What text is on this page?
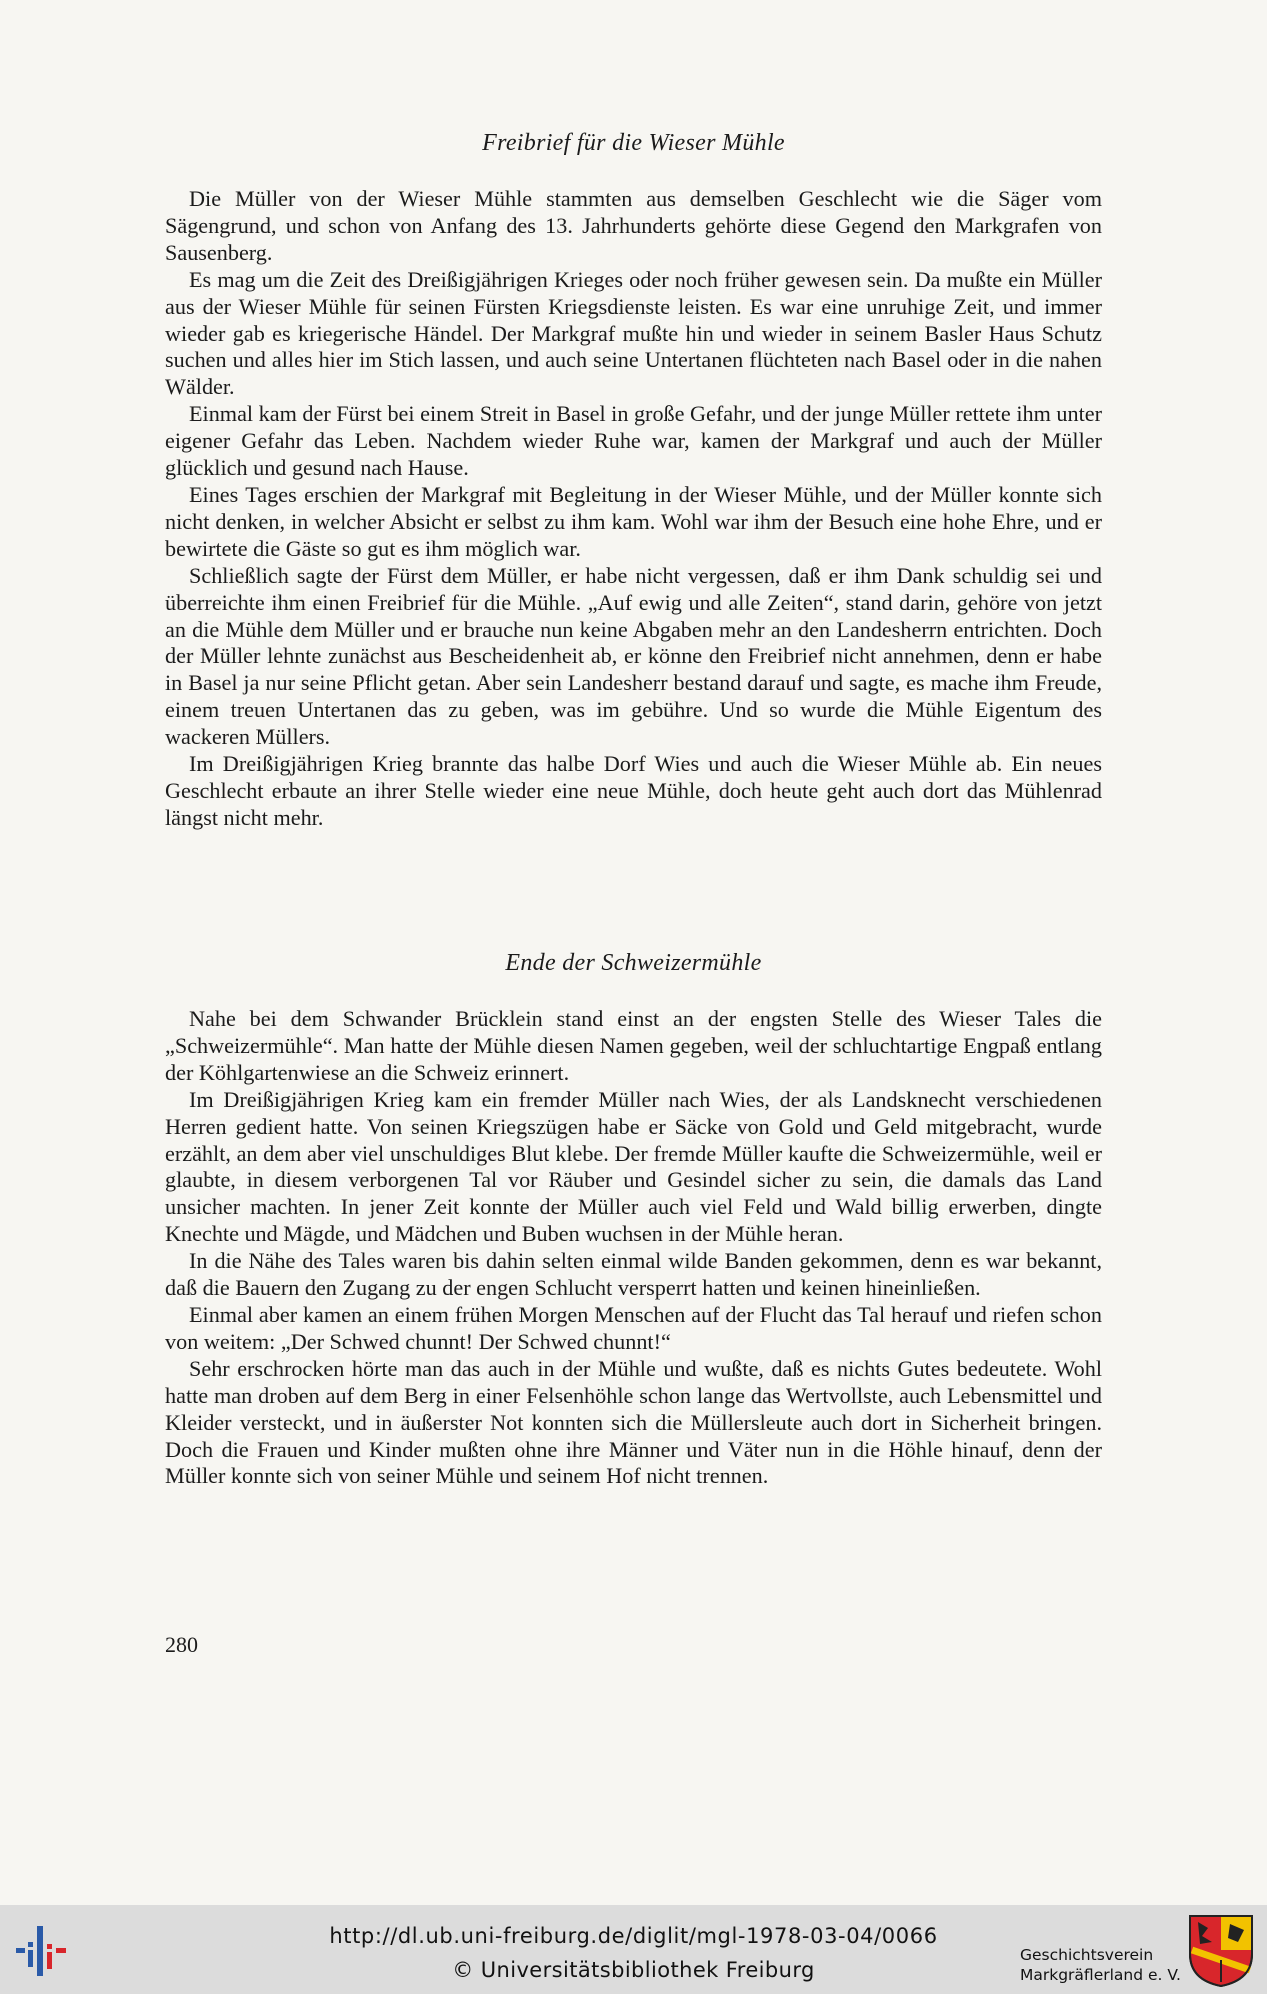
Freibrief für die Wieser Mühle

Die Müller von der Wieser Mühle stammten aus demselben Geschlecht wie die Säger vom Sägengrund, und schon von Anfang des 13. Jahrhunderts gehörte diese Gegend den Markgrafen von Sausenberg.

Es mag um die Zeit des Dreißigjährigen Krieges oder noch früher gewesen sein. Da mußte ein Müller aus der Wieser Mühle für seinen Fürsten Kriegsdienste leisten. Es war eine unruhige Zeit, und immer wieder gab es kriegerische Händel. Der Markgraf mußte hin und wieder in seinem Basler Haus Schutz suchen und alles hier im Stich lassen, und auch seine Untertanen flüchteten nach Basel oder in die nahen Wälder.

Einmal kam der Fürst bei einem Streit in Basel in große Gefahr, und der junge Müller rettete ihm unter eigener Gefahr das Leben. Nachdem wieder Ruhe war, kamen der Markgraf und auch der Müller glücklich und gesund nach Hause.

Eines Tages erschien der Markgraf mit Begleitung in der Wieser Mühle, und der Müller konnte sich nicht denken, in welcher Absicht er selbst zu ihm kam. Wohl war ihm der Besuch eine hohe Ehre, und er bewirtete die Gäste so gut es ihm möglich war.

Schließlich sagte der Fürst dem Müller, er habe nicht vergessen, daß er ihm Dank schuldig sei und überreichte ihm einen Freibrief für die Mühle. „Auf ewig und alle Zeiten“, stand darin, gehöre von jetzt an die Mühle dem Müller und er brauche nun keine Abgaben mehr an den Landesherrn entrichten. Doch der Müller lehnte zunächst aus Bescheidenheit ab, er könne den Freibrief nicht annehmen, denn er habe in Basel ja nur seine Pflicht getan. Aber sein Landesherr bestand darauf und sagte, es mache ihm Freude, einem treuen Untertanen das zu geben, was im gebühre. Und so wurde die Mühle Eigentum des wackeren Müllers.

Im Dreißigjährigen Krieg brannte das halbe Dorf Wies und auch die Wieser Mühle ab. Ein neues Geschlecht erbaute an ihrer Stelle wieder eine neue Mühle, doch heute geht auch dort das Mühlenrad längst nicht mehr.

Ende der Schweizermühle

Nahe bei dem Schwander Brücklein stand einst an der engsten Stelle des Wieser Tales die „Schweizermühle“. Man hatte der Mühle diesen Namen gegeben, weil der schluchtartige Engpaß entlang der Köhlgartenwiese an die Schweiz erinnert.

Im Dreißigjährigen Krieg kam ein fremder Müller nach Wies, der als Landsknecht verschiedenen Herren gedient hatte. Von seinen Kriegszügen habe er Säcke von Gold und Geld mitgebracht, wurde erzählt, an dem aber viel unschuldiges Blut klebe. Der fremde Müller kaufte die Schweizermühle, weil er glaubte, in diesem verborgenen Tal vor Räuber und Gesindel sicher zu sein, die damals das Land unsicher machten. In jener Zeit konnte der Müller auch viel Feld und Wald billig erwerben, dingte Knechte und Mägde, und Mädchen und Buben wuchsen in der Mühle heran.

In die Nähe des Tales waren bis dahin selten einmal wilde Banden gekommen, denn es war bekannt, daß die Bauern den Zugang zu der engen Schlucht versperrt hatten und keinen hineinließen.

Einmal aber kamen an einem frühen Morgen Menschen auf der Flucht das Tal herauf und riefen schon von weitem: „Der Schwed chunnt! Der Schwed chunnt!“

Sehr erschrocken hörte man das auch in der Mühle und wußte, daß es nichts Gutes bedeutete. Wohl hatte man droben auf dem Berg in einer Felsenhöhle schon lange das Wertvollste, auch Lebensmittel und Kleider versteckt, und in äußerster Not konnten sich die Müllersleute auch dort in Sicherheit bringen. Doch die Frauen und Kinder mußten ohne ihre Männer und Väter nun in die Höhle hinauf, denn der Müller konnte sich von seiner Mühle und seinem Hof nicht trennen.

280
http://dl.ub.uni-freiburg.de/diglit/mgl-1978-03-04/0066
© Universitätsbibliothek Freiburg
Geschichtsverein
Markgräflerland e. V.
